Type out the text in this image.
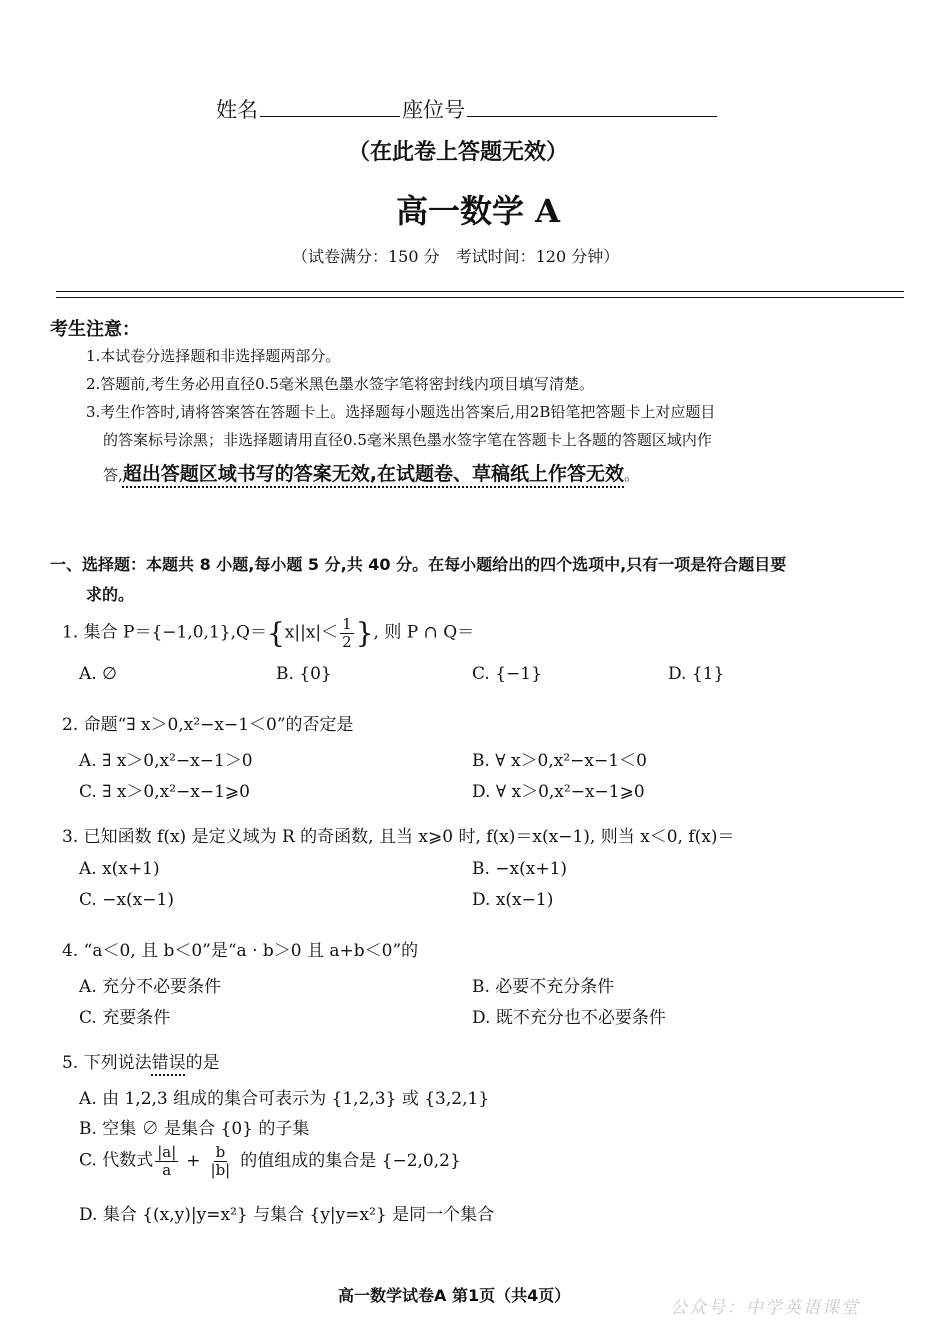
姓名	座位号
（在此卷上答题无效）
高一数学 A
（试卷满分：150 分　考试时间：120 分钟）
考生注意：
1.本试卷分选择题和非选择题两部分。
2.答题前,考生务必用直径0.5毫米黑色墨水签字笔将密封线内项目填写清楚。
3.考生作答时,请将答案答在答题卡上。选择题每小题选出答案后,用2B铅笔把答题卡上对应题目
的答案标号涂黑；非选择题请用直径0.5毫米黑色墨水签字笔在答题卡上各题的答题区域内作
答,超出答题区域书写的答案无效,在试题卷、草稿纸上作答无效。
一、选择题：本题共 8 小题,每小题 5 分,共 40 分。在每小题给出的四个选项中,只有一项是符合题目要
求的。
1. 集合 $P=\{-1,0,1\},Q=\{x||x|< \frac{1}{2}$ }, 则 P ∩ Q＝
A. ∅	B. {0}	C. {−1}	D. {1}
2. 命题“∃ x＞0,x²−x−1＜0”的否定是
A. ∃ x＞0,x²−x−1＞0	B. ∀ x＞0,x²−x−1＜0
C. ∃ x＞0,x²−x−1⩾0	D. ∀ x＞0,x²−x−1⩾0
3. 已知函数 f(x) 是定义域为 R 的奇函数, 且当 x⩾0 时, f(x)＝x(x−1), 则当 x＜0, f(x)＝
A. x(x+1)	B. −x(x+1)
C. −x(x−1)	D. x(x−1)
4. “a＜0, 且 b＜0”是“a · b＞0 且 a+b＜0”的
A. 充分不必要条件	B. 必要不充分条件
C. 充要条件	D. 既不充分也不必要条件
5. 下列说法错误的是
A. 由 1,2,3 组成的集合可表示为 {1,2,3} 或 {3,2,1}
B. 空集 ∅ 是集合 {0} 的子集
C. 代数式 $\frac{|a|}{a} + \frac{b}{|b|}$ 的值组成的集合是 {−2,0,2}
D. 集合 {(x,y)|y=x²} 与集合 {y|y=x²} 是同一个集合
高一数学试卷A 第1页（共4页）
公众号：中学英语课堂
